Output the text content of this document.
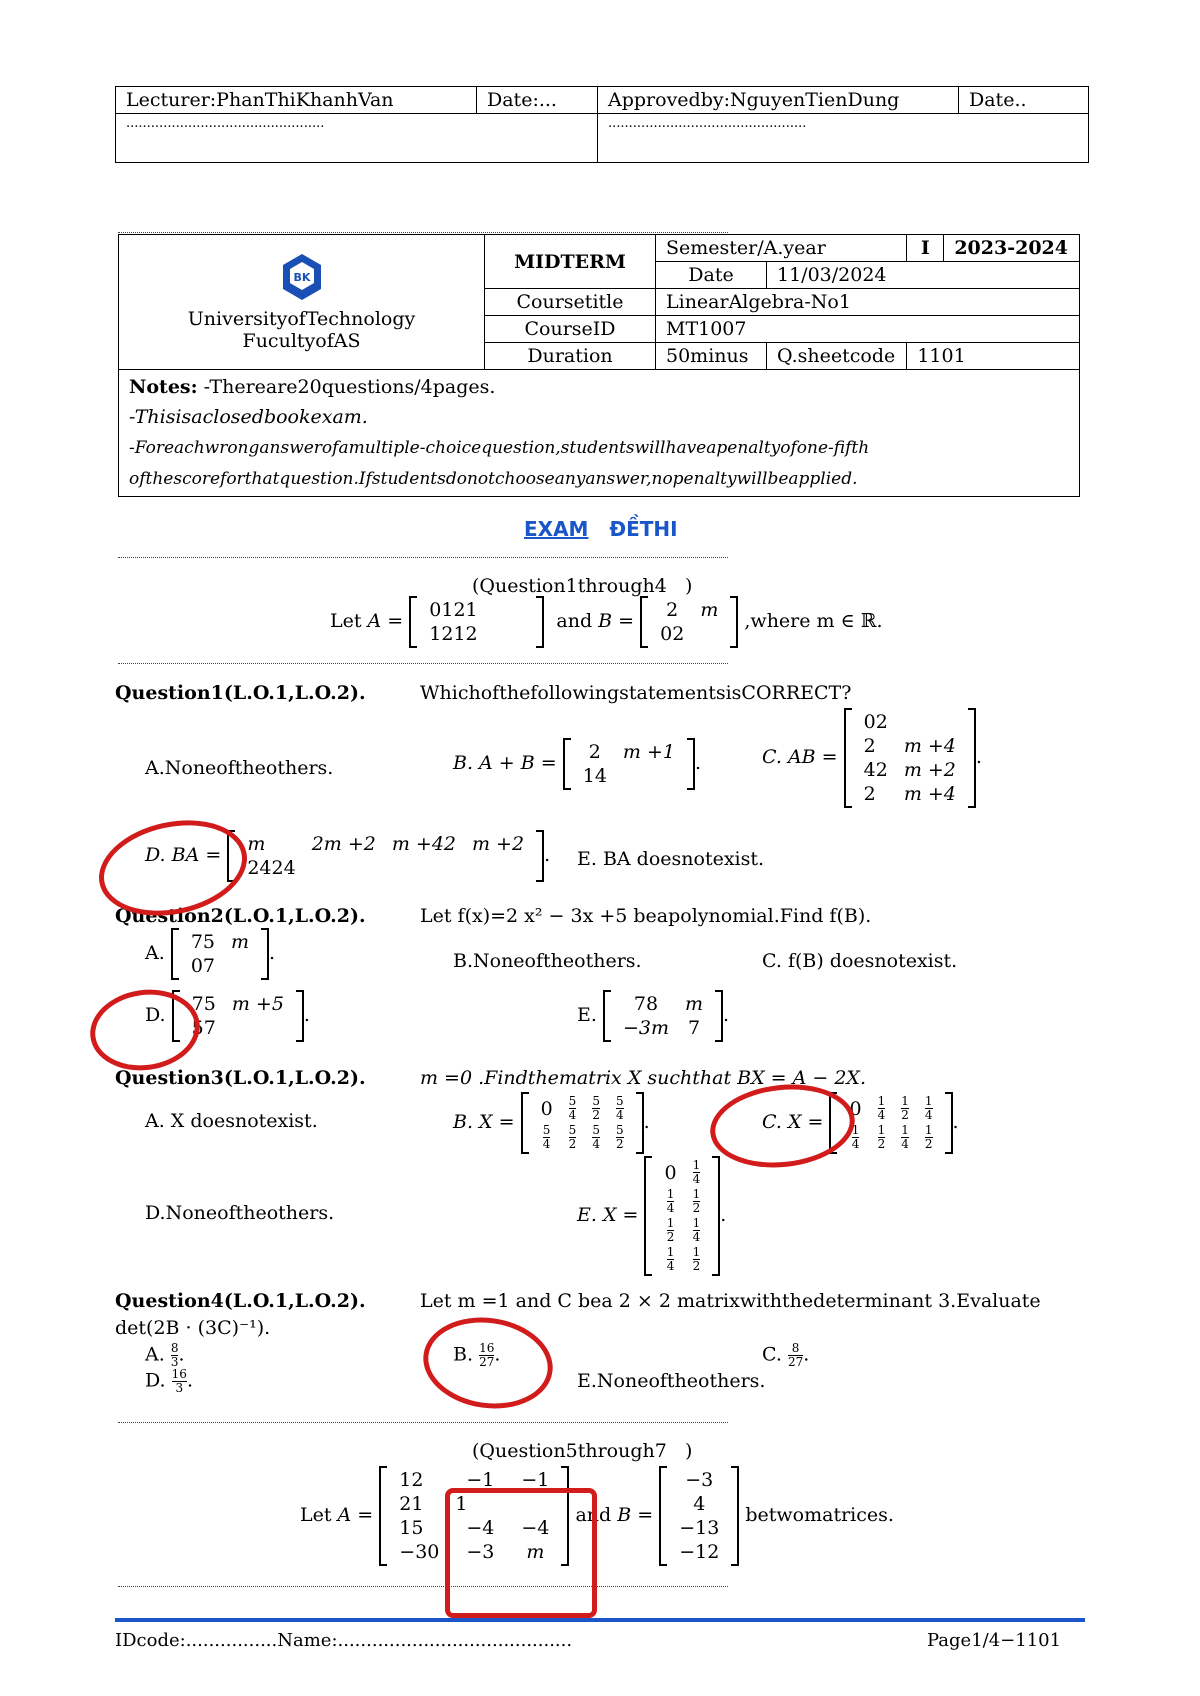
Lecturer:PhanThiKhanhVan	Date:...	Approvedby:NguyenTienDung	Date..
................................................		................................................	
BK
UniversityofTechnology
FucultyofAS	MIDTERM	Semester/A.year		I	2023-2024
		Date	11/03/2024		
	Coursetitle	LinearAlgebra-No1			
	CourseID	MT1007			
	Duration	50minus	Q.sheetcode	1101	
Notes: -Thereare20questions/4pages.
-Thisisaclosedbookexam.
-Foreachwronganswerofamultiple-choicequestion,studentswillhaveapenaltyofone-fifth
ofthescoreforthatquestion.Ifstudentsdonotchooseanyanswer,nopenaltywillbeapplied.					
EXAM ĐỀTHI
(Question1through4 )
Let A = 0121
1212
and B = 2	m
02	
,where m ∈ ℝ.
Question1(L.O.1,L.O.2).	WhichofthefollowingstatementsisCORRECT?
A.Noneoftheothers.	B. A + B = 2	m +1
14	
.	C. AB =
02	
2	m +4
42	m +2
2	m +4
.
D. BA = m	2m +2	m +42	m +2
2424			
. E. BA doesnotexist.
Question2(L.O.1,L.O.2).	Let f(x)=2 x² − 3x +5 beapolynomial.Find f(B).
A. 75	m
07	
.	B.Noneoftheothers.	C. f(B) doesnotexist.
D. 75	m +5
57	
.	E. 78	m
−3m	7
.
Question3(L.O.1,L.O.2).	m =0 .Findthematrix X suchthat BX = A − 2X.
A. X doesnotexist.	B. X =
0	$\frac{5}{4}$	$\frac{5}{2}$	$\frac{5}{4}$

$\frac{5}{4}$	$\frac{5}{2}$	$\frac{5}{4}$	$\frac{5}{2}$
.	C. X =
0	$\frac{1}{4}$	$\frac{1}{2}$	$\frac{1}{4}$

$\frac{1}{4}$	$\frac{1}{2}$	$\frac{1}{4}$	$\frac{1}{2}$
.
D.Noneoftheothers.	E. X =
0	$\frac{1}{4}$

$\frac{1}{4}$	$\frac{1}{2}$

$\frac{1}{2}$	$\frac{1}{4}$

$\frac{1}{4}$	$\frac{1}{2}$
.
Question4(L.O.1,L.O.2).	Let m =1 and C bea 2 × 2 matrixwiththedeterminant 3.Evaluate
det(2B · (3C)⁻¹).
A. $\frac{8}{3}$ .	B. $\frac{16}{27}$ .	C. $\frac{8}{27}$ .
D. $\frac{16}{3}$ .	E.Noneoftheothers.
(Question5through7 )
Let A =
12	−1	−1
21	1	
15	−4	−4
−30	−3	m
and B =
−3
4
−13
−12
betwomatrices.
IDcode:................Name:.........................................	Page1/4−1101
